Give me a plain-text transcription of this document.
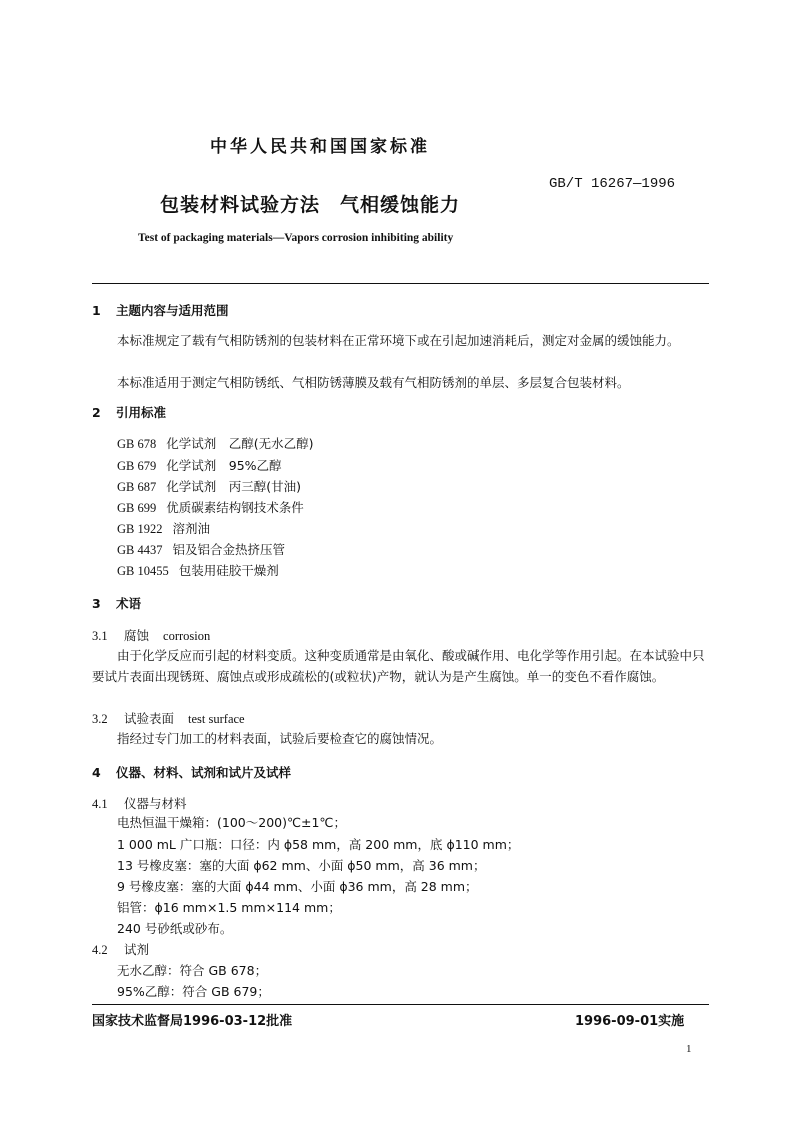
中华人民共和国国家标准
GB/T 16267—1996
包装材料试验方法　气相缓蚀能力
Test of packaging materials—Vapors corrosion inhibiting ability
1 主题内容与适用范围
本标准规定了载有气相防锈剂的包装材料在正常环境下或在引起加速消耗后，测定对金属的缓蚀能力。
本标准适用于测定气相防锈纸、气相防锈薄膜及载有气相防锈剂的单层、多层复合包装材料。
2 引用标准
GB 678 化学试剂　乙醇(无水乙醇)
GB 679 化学试剂　95%乙醇
GB 687 化学试剂　丙三醇(甘油)
GB 699 优质碳素结构钢技术条件
GB 1922 溶剂油
GB 4437 铝及铝合金热挤压管
GB 10455 包装用硅胶干燥剂
3 术语
3.1 腐蚀 corrosion
由于化学反应而引起的材料变质。这种变质通常是由氧化、酸或碱作用、电化学等作用引起。在本试验中只要试片表面出现锈斑、腐蚀点或形成疏松的(或粒状)产物，就认为是产生腐蚀。单一的变色不看作腐蚀。
3.2 试验表面 test surface
指经过专门加工的材料表面，试验后要检查它的腐蚀情况。
4 仪器、材料、试剂和试片及试样
4.1 仪器与材料
电热恒温干燥箱：(100～200)℃±1℃；
1 000 mL 广口瓶：口径：内 ϕ58 mm，高 200 mm，底 ϕ110 mm；
13 号橡皮塞：塞的大面 ϕ62 mm、小面 ϕ50 mm，高 36 mm；
9 号橡皮塞：塞的大面 ϕ44 mm、小面 ϕ36 mm，高 28 mm；
铝管：ϕ16 mm×1.5 mm×114 mm；
240 号砂纸或砂布。
4.2 试剂
无水乙醇：符合 GB 678；
95%乙醇：符合 GB 679；
国家技术监督局1996-03-12批准	1996-09-01实施
1
